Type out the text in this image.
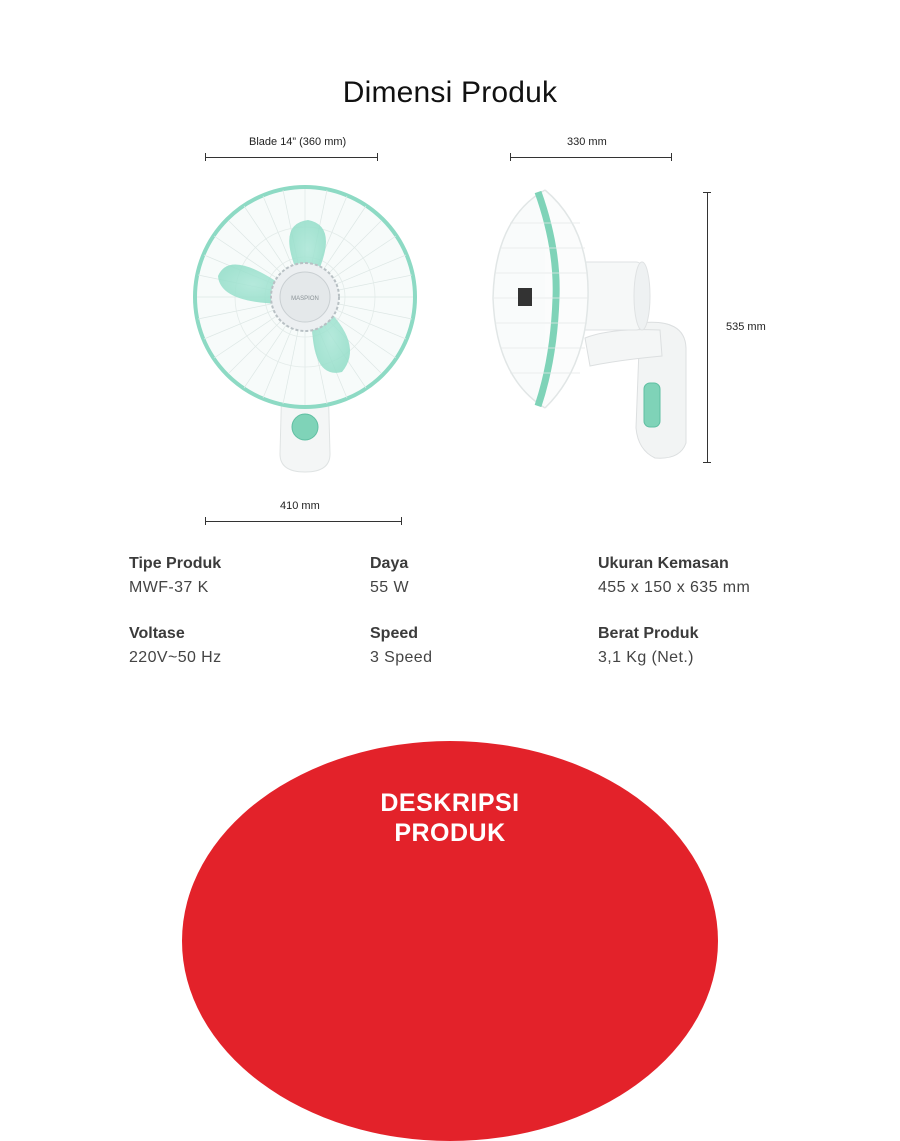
Dimensi Produk
Blade 14” (360 mm)	330 mm
535 mm
410 mm
MASPION
Tipe Produk
MWF-37 K
Daya
55 W
Ukuran Kemasan
455 x 150 x 635 mm
Voltase
220V~50 Hz
Speed
3 Speed
Berat Produk
3,1 Kg (Net.)
DESKRIPSI
PRODUK
